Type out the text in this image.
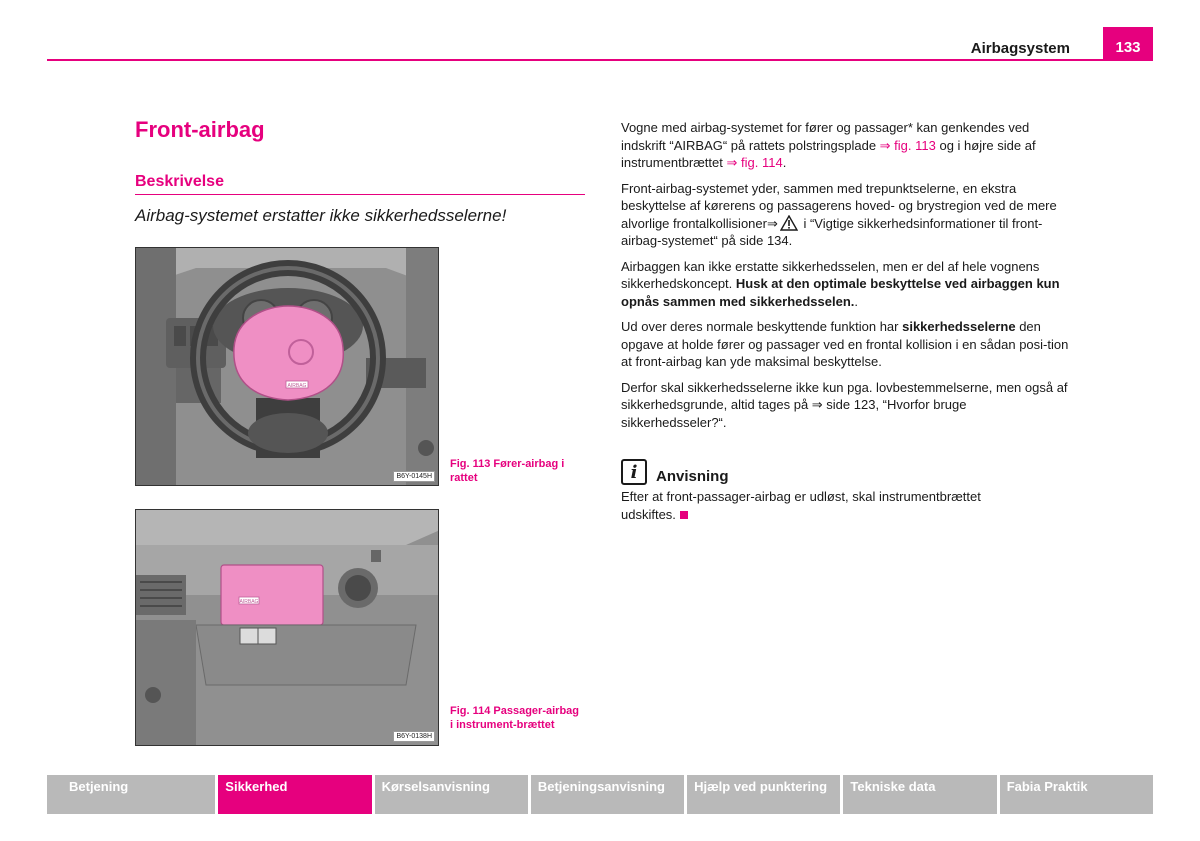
Airbagsystem	133
Front-airbag
Beskrivelse
Airbag-systemet erstatter ikke sikkerhedsselerne!
AIRBAG
B6Y-0145H
Fig. 113 Fører-airbag i rattet
AIRBAG
B6Y-0138H
Fig. 114 Passager-airbag i instrument-brættet

Vogne med airbag-systemet for fører og passager* kan genkendes ved indskrift “AIRBAG“ på rattets polstringsplade ⇒ fig. 113 og i højre side af instrumentbrættet ⇒ fig. 114.

Front-airbag-systemet yder, sammen med trepunktselerne, en ekstra beskyttelse af kørerens og passagerens hoved- og brystregion ved de mere alvorlige frontalkollisioner⇒ i “Vigtige sikkerhedsinformationer til front-airbag-systemet“ på side 134.

Airbaggen kan ikke erstatte sikkerhedsselen, men er del af hele vognens sikkerhedskoncept. Husk at den optimale beskyttelse ved airbaggen kun opnås sammen med sikkerhedsselen..

Ud over deres normale beskyttende funktion har sikkerhedsselerne den opgave at holde fører og passager ved en frontal kollision i en sådan posi-tion at front-airbag kan yde maksimal beskyttelse.

Derfor skal sikkerhedsselerne ikke kun pga. lovbestemmelserne, men også af sikkerhedsgrunde, altid tages på ⇒ side 123, “Hvorfor bruge sikkerhedsseler?“.

i	Anvisning
Efter at front-passager-airbag er udløst, skal instrumentbrættet udskiftes.
Betjening	Sikkerhed	Kørselsanvisning	Betjeningsanvisning	Hjælp ved punktering	Tekniske data	Fabia Praktik
